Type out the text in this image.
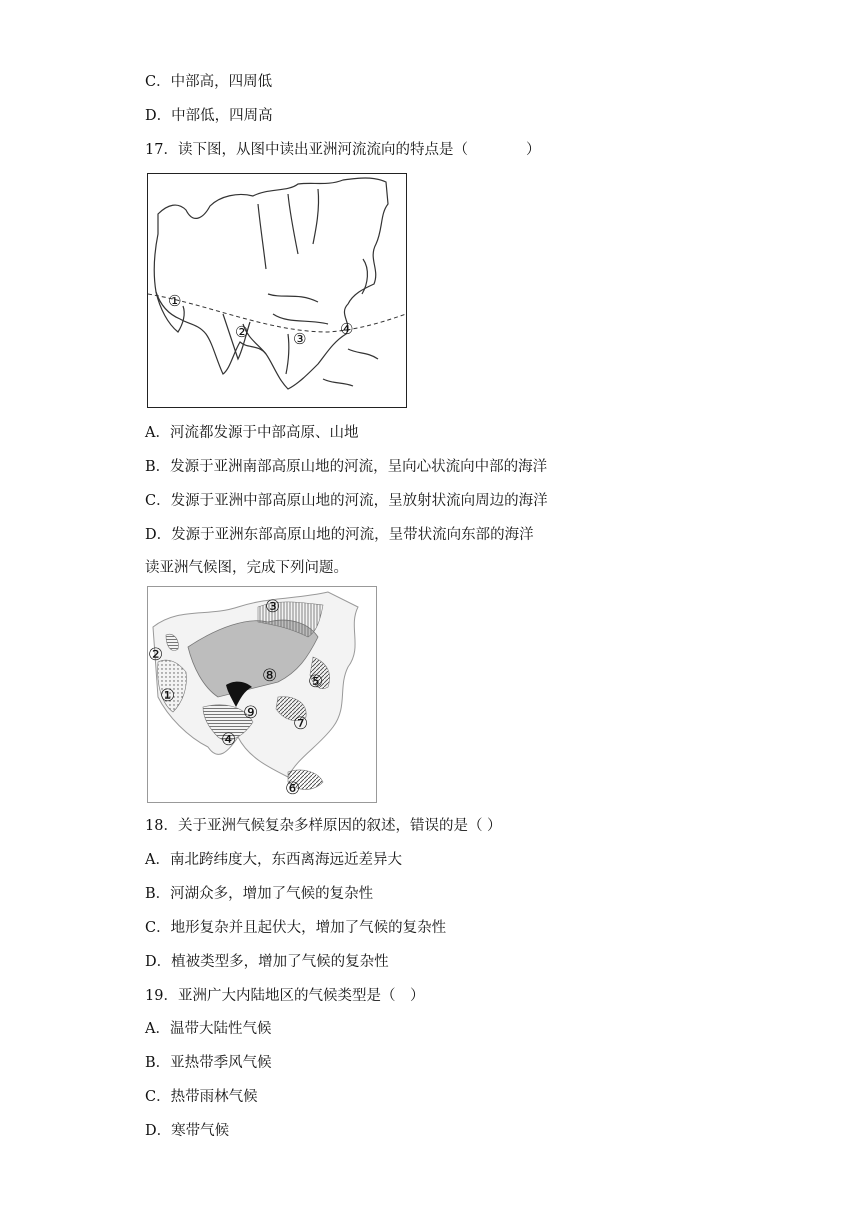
C．中部高，四周低
D．中部低，四周高
17．读下图，从图中读出亚洲河流流向的特点是（　　　　）
①
②	③
④
A．河流都发源于中部高原、山地
B．发源于亚洲南部高原山地的河流，呈向心状流向中部的海洋
C．发源于亚洲中部高原山地的河流，呈放射状流向周边的海洋
D．发源于亚洲东部高原山地的河流，呈带状流向东部的海洋
读亚洲气候图，完成下列问题。
①
②
③
④
⑤
⑥
⑦
⑧
⑨
18．关于亚洲气候复杂多样原因的叙述，错误的是（ ）
A．南北跨纬度大，东西离海远近差异大
B．河湖众多，增加了气候的复杂性
C．地形复杂并且起伏大，增加了气候的复杂性
D．植被类型多，增加了气候的复杂性
19．亚洲广大内陆地区的气候类型是（　）
A．温带大陆性气候
B．亚热带季风气候
C．热带雨林气候
D．寒带气候
